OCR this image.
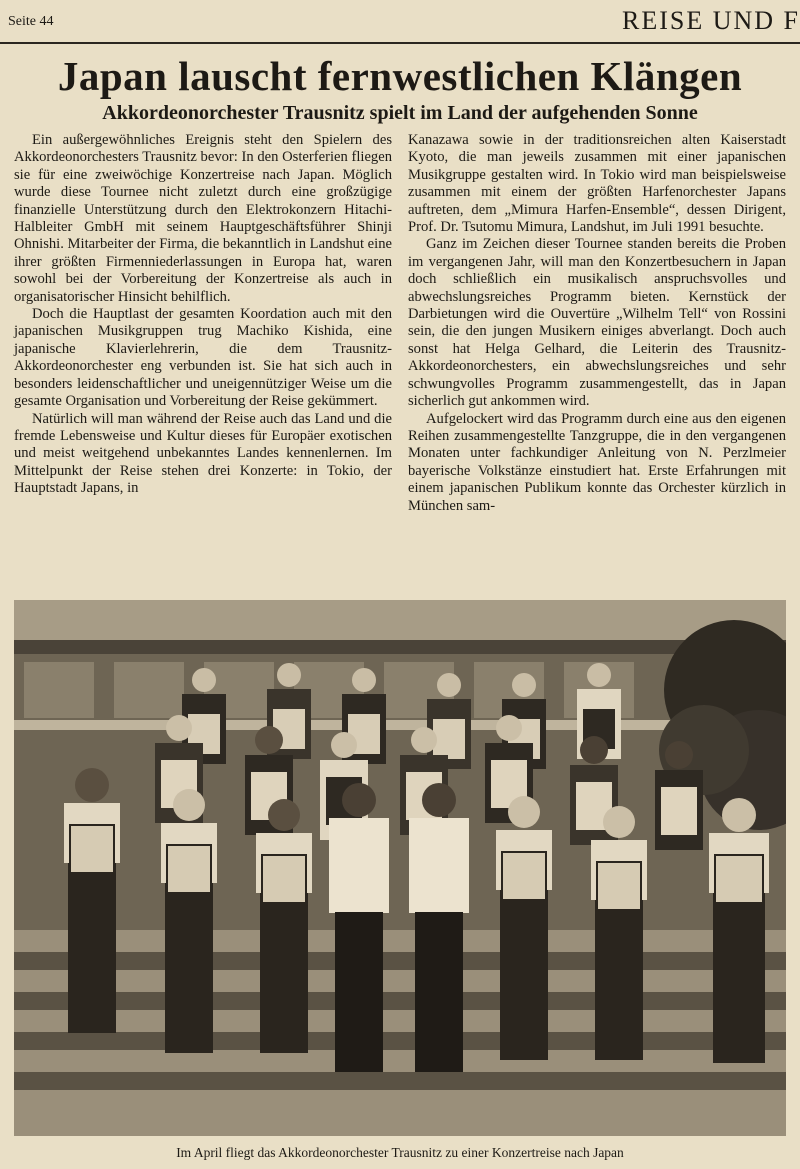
Seite 44	REISE UND F
Japan lauscht fernwestlichen Klängen
Akkordeonorchester Trausnitz spielt im Land der aufgehenden Sonne

Ein außergewöhnliches Ereignis steht den Spielern des Akkordeonorchesters Trausnitz bevor: In den Osterferien fliegen sie für eine zweiwöchige Konzertreise nach Japan. Möglich wurde diese Tournee nicht zuletzt durch eine großzügige finanzielle Unterstützung durch den Elektrokonzern Hitachi-Halbleiter GmbH mit seinem Hauptgeschäftsführer Shinji Ohnishi. Mitarbeiter der Firma, die bekanntlich in Landshut eine ihrer größten Firmenniederlassungen in Europa hat, waren sowohl bei der Vorbereitung der Konzertreise als auch in organisatorischer Hinsicht behilflich.

Doch die Hauptlast der gesamten Koordation auch mit den japanischen Musikgruppen trug Machiko Kishida, eine japanische Klavierlehrerin, die dem Trausnitz-Akkordeonorchester eng verbunden ist. Sie hat sich auch in besonders leidenschaftlicher und uneigennütziger Weise um die gesamte Organisation und Vorbereitung der Reise gekümmert.

Natürlich will man während der Reise auch das Land und die fremde Lebensweise und Kultur dieses für Europäer exotischen und meist weitgehend unbekanntes Landes kennenlernen. Im Mittelpunkt der Reise stehen drei Konzerte: in Tokio, der Hauptstadt Japans, in

Kanazawa sowie in der traditionsreichen alten Kaiserstadt Kyoto, die man jeweils zusammen mit einer japanischen Musikgruppe gestalten wird. In Tokio wird man beispielsweise zusammen mit einem der größten Harfenorchester Japans auftreten, dem „Mimura Harfen-Ensemble“, dessen Dirigent, Prof. Dr. Tsutomu Mimura, Landshut, im Juli 1991 besuchte.

Ganz im Zeichen dieser Tournee standen bereits die Proben im vergangenen Jahr, will man den Konzertbesuchern in Japan doch schließlich ein musikalisch anspruchsvolles und abwechslungsreiches Programm bieten. Kernstück der Darbietungen wird die Ouvertüre „Wilhelm Tell“ von Rossini sein, die den jungen Musikern einiges abverlangt. Doch auch sonst hat Helga Gelhard, die Leiterin des Trausnitz-Akkordeonorchesters, ein abwechslungsreiches und sehr schwungvolles Programm zusammengestellt, das in Japan sicherlich gut ankommen wird.

Aufgelockert wird das Programm durch eine aus den eigenen Reihen zusammengestellte Tanzgruppe, die in den vergangenen Monaten unter fachkundiger Anleitung von N. Perzlmeier bayerische Volkstänze einstudiert hat. Erste Erfahrungen mit einem japanischen Publikum konnte das Orchester kürzlich in München sam-

Im April fliegt das Akkordeonorchester Trausnitz zu einer Konzertreise nach Japan
